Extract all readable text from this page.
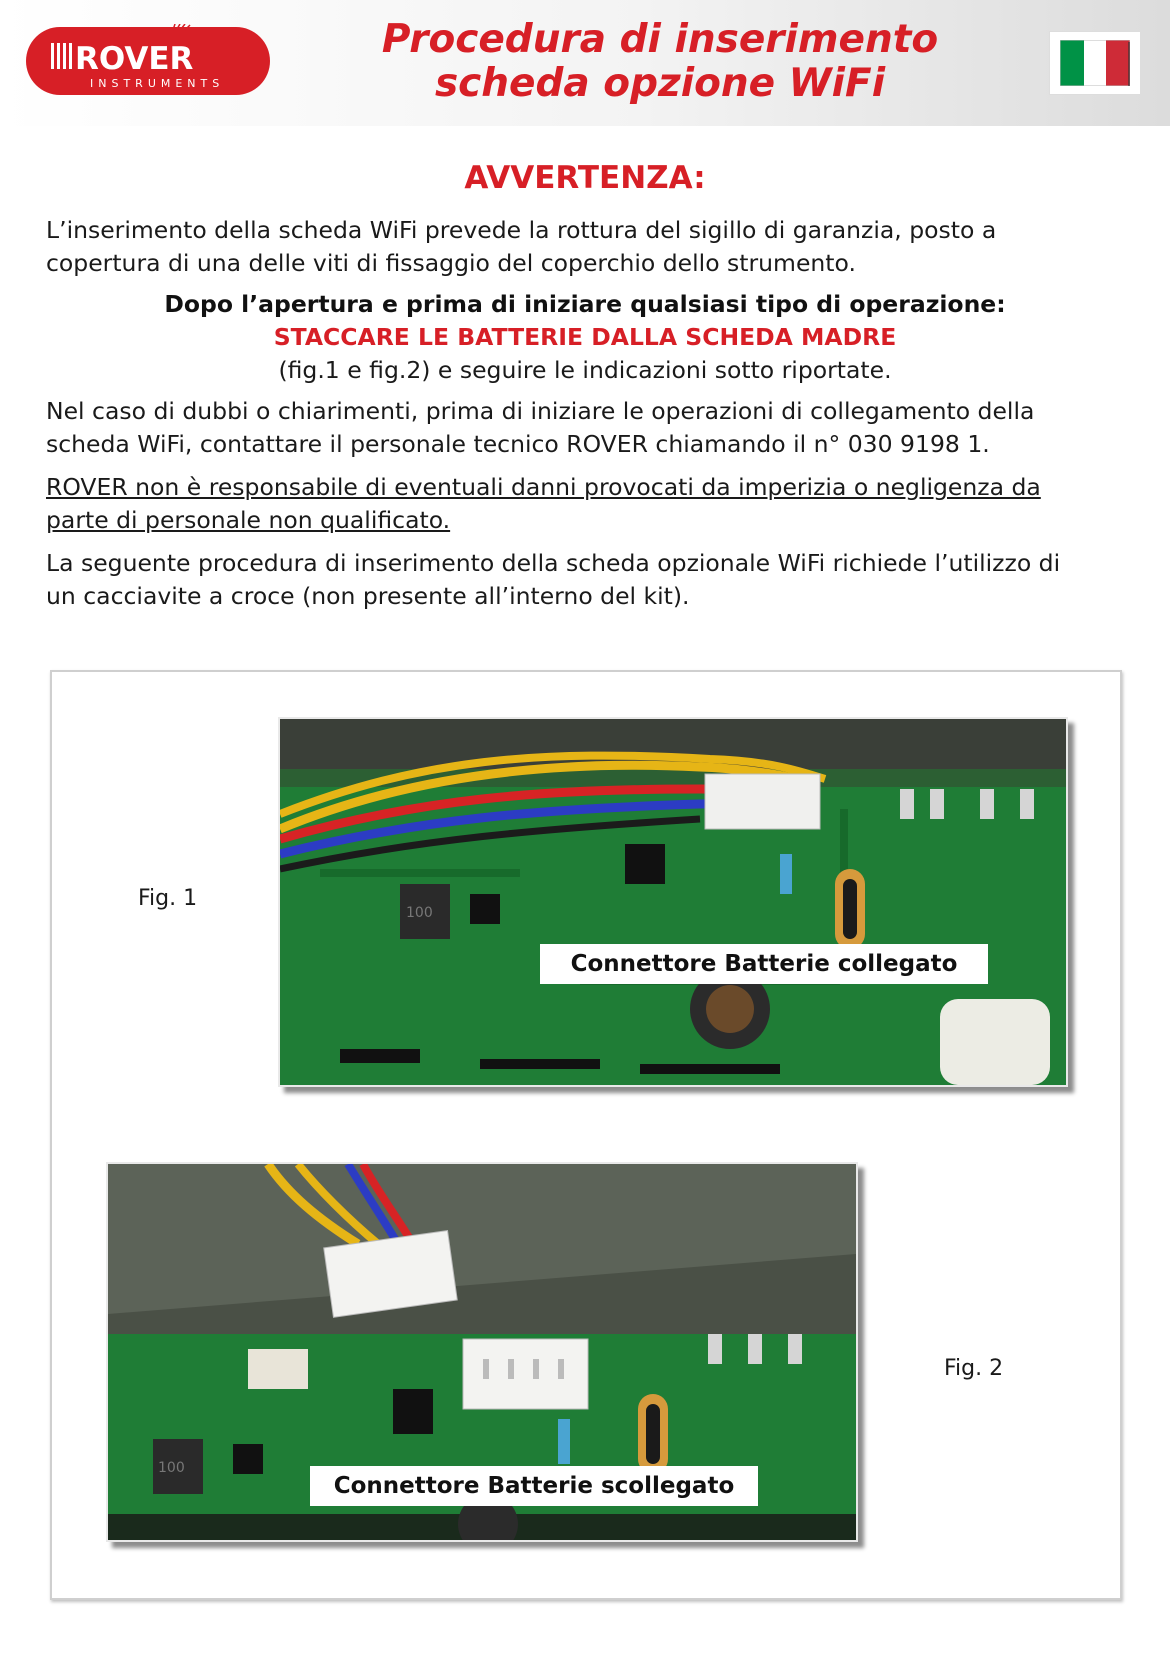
ROVER
INSTRUMENTS
Procedura di inserimento
scheda opzione WiFi
AVVERTENZA:
L’inserimento della scheda WiFi prevede la rottura del sigillo di garanzia, posto a
copertura di una delle viti di fissaggio del coperchio dello strumento.
Dopo l’apertura e prima di iniziare qualsiasi tipo di operazione:
STACCARE LE BATTERIE DALLA SCHEDA MADRE
(fig.1 e fig.2) e seguire le indicazioni sotto riportate.
Nel caso di dubbi o chiarimenti, prima di iniziare le operazioni di collegamento della
scheda WiFi, contattare il personale tecnico ROVER chiamando il n° 030 9198 1.
ROVER non è responsabile di eventuali danni provocati da imperizia o negligenza da
parte di personale non qualificato.
La seguente procedura di inserimento della scheda opzionale WiFi richiede l’utilizzo di
un cacciavite a croce (non presente all’interno del kit).
Fig. 1
100
Connettore Batterie collegato
100
Connettore Batterie scollegato
Fig. 2
